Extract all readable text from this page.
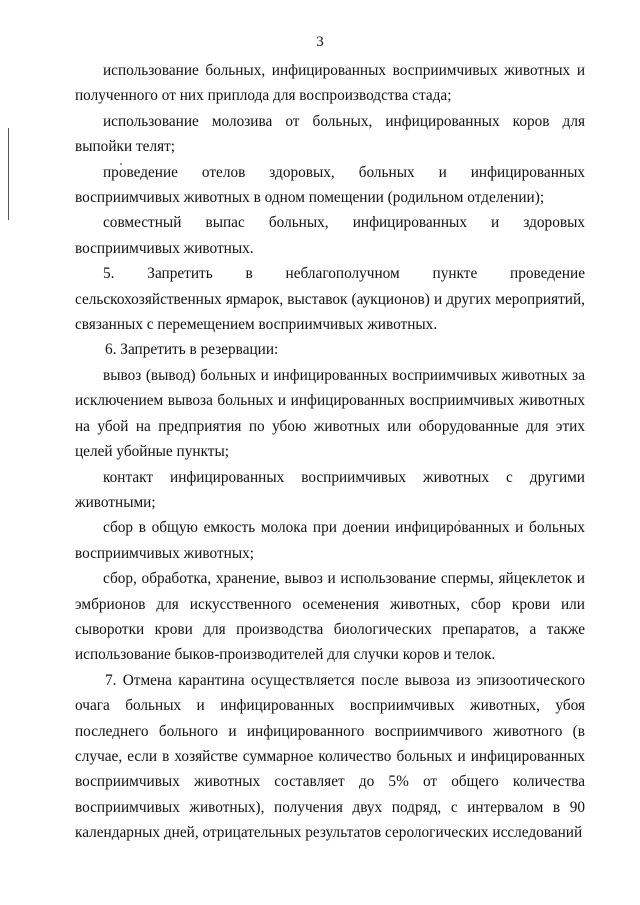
3

использование больных, инфицированных восприимчивых животных и полученного от них приплода для воспроизводства стада;

использование молозива от больных, инфицированных коров для выпойки телят;

проведение отелов здоровых, больных и инфицированных восприимчивых животных в одном помещении (родильном отделении);

совместный выпас больных, инфицированных и здоровых восприимчивых животных.

5. Запретить в неблагополучном пункте проведение сельскохозяйственных ярмарок, выставок (аукционов) и других мероприятий, связанных с перемещением восприимчивых животных.

6. Запретить в резервации:

вывоз (вывод) больных и инфицированных восприимчивых животных за исключением вывоза больных и инфицированных восприимчивых животных на убой на предприятия по убою животных или оборудованные для этих целей убойные пункты;

контакт инфицированных восприимчивых животных с другими животными;

сбор в общую емкость молока при доении инфицированных и больных восприимчивых животных;

сбор, обработка, хранение, вывоз и использование спермы, яйцеклеток и эмбрионов для искусственного осеменения животных, сбор крови или сыворотки крови для производства биологических препаратов, а также использование быков-производителей для случки коров и телок.

7. Отмена карантина осуществляется после вывоза из эпизоотического очага больных и инфицированных восприимчивых животных, убоя последнего больного и инфицированного восприимчивого животного (в случае, если в хозяйстве суммарное количество больных и инфицированных восприимчивых животных составляет до 5% от общего количества восприимчивых животных), получения двух подряд, с интервалом в 90 календарных дней, отрицательных результатов серологических исследований
